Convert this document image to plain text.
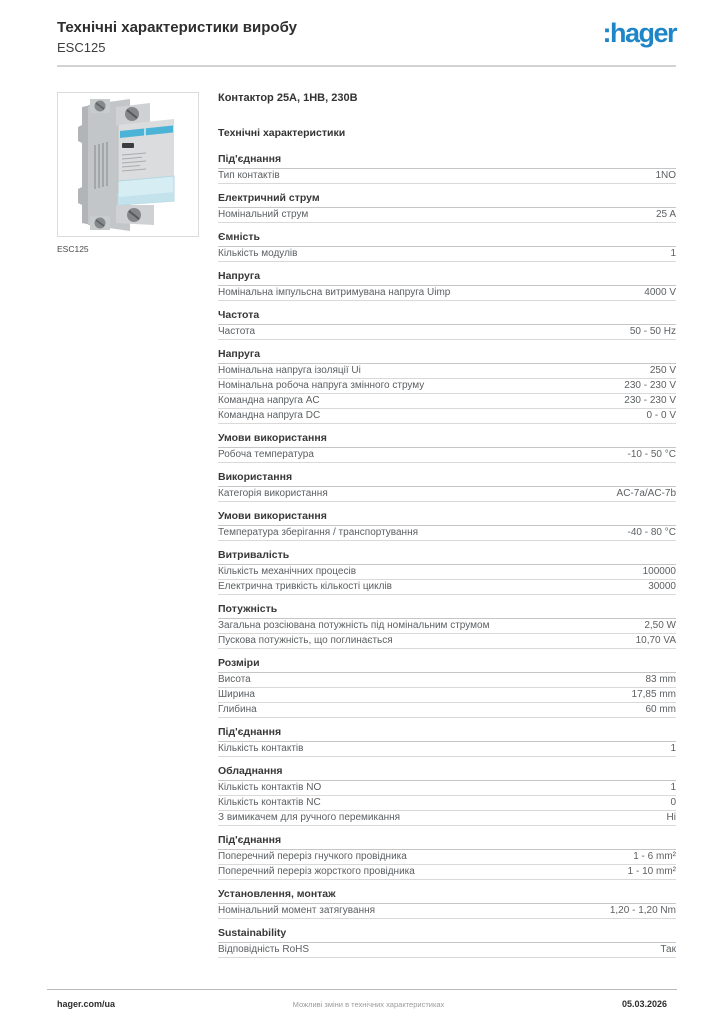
Технічні характеристики виробу
ESC125	:hager
ESC125
Контактор 25А, 1НВ, 230В
Технічні характеристики
Під'єднання
Тип контактів	1NO
Електричний струм
Номінальний струм	25 A
Ємність
Кількість модулів	1
Напруга
Номінальна імпульсна витримувана напруга Uimp	4000 V
Частота
Частота	50 - 50 Hz
Напруга
Номінальна напруга ізоляції Ui	250 V
Номінальна робоча напруга змінного струму	230 - 230 V
Командна напруга AC	230 - 230 V
Командна напруга DC	0 - 0 V
Умови використання
Робоча температура	-10 - 50 °C
Використання
Категорія використання	AC-7a/AC-7b
Умови використання
Температура зберігання / транспортування	-40 - 80 °C
Витривалість
Кількість механічних процесів	100000
Електрична тривкість кількості циклів	30000
Потужність
Загальна розсіювана потужність під номінальним струмом	2,50 W
Пускова потужність, що поглинається	10,70 VA
Розміри
Висота	83 mm
Ширина	17,85 mm
Глибина	60 mm
Під'єднання
Кількість контактів	1
Обладнання
Кількість контактів NO	1
Кількість контактів NC	0
З вимикачем для ручного перемикання	Ні
Під'єднання
Поперечний переріз гнучкого провідника	1 - 6 mm²
Поперечний переріз жорсткого провідника	1 - 10 mm²
Установлення, монтаж
Номінальний момент затягування	1,20 - 1,20 Nm
Sustainability
Відповідність RoHS	Так
hager.com/ua	Можливі зміни в технічних характеристиках	05.03.2026
